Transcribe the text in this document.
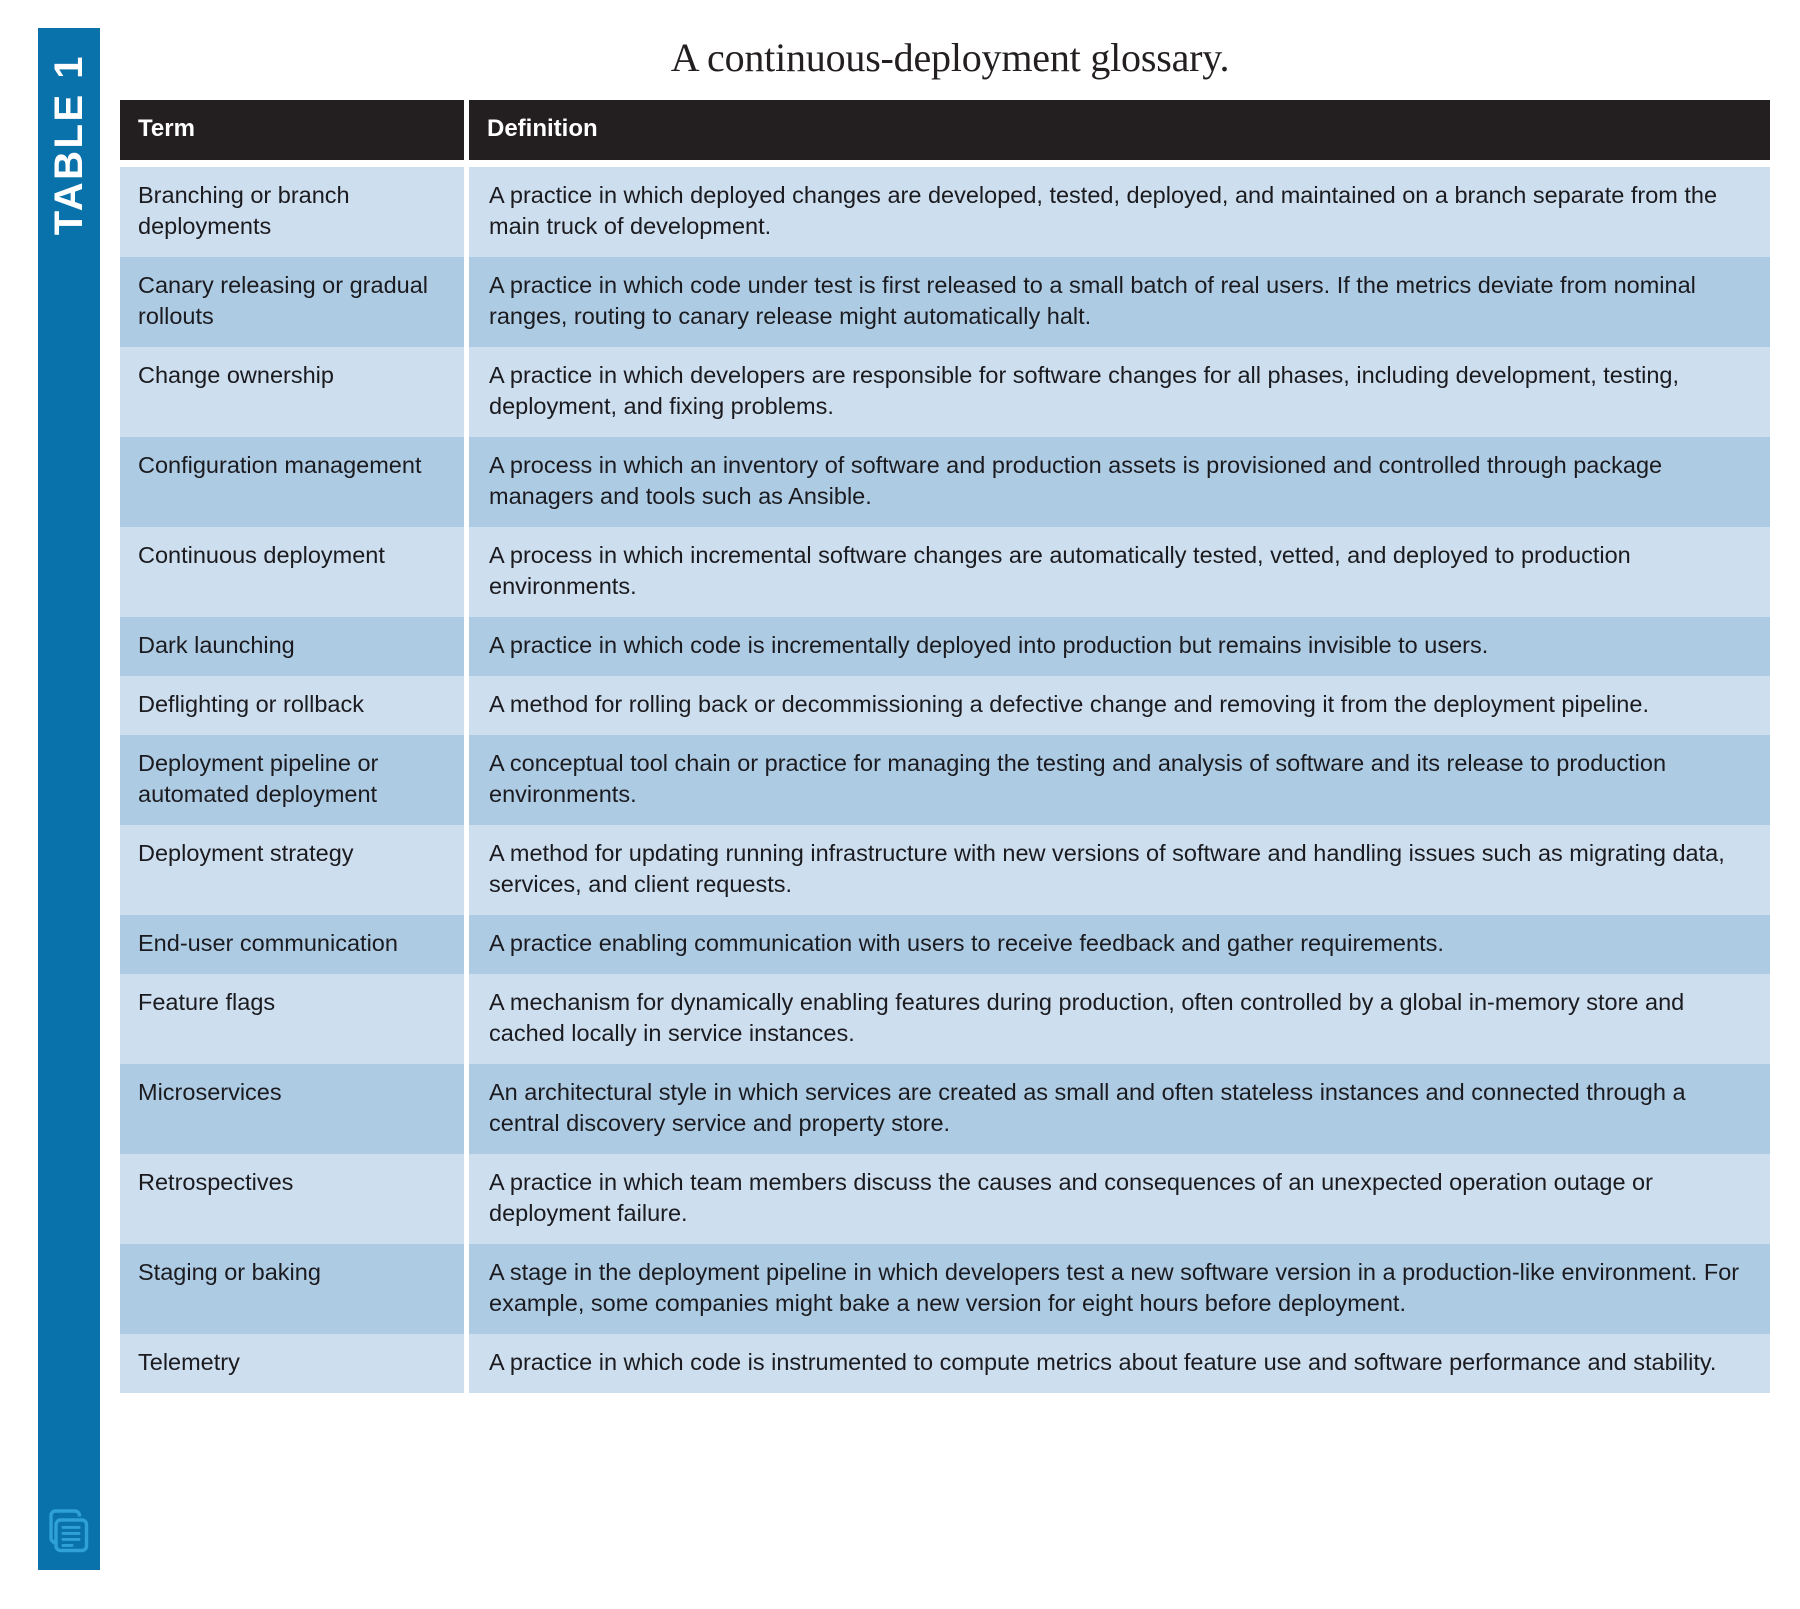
TABLE 1	A continuous-deployment glossary.
Term		Definition

Branching or branch deployments		A practice in which deployed changes are developed, tested, deployed, and maintained on a branch separate from the main truck of development.
Canary releasing or gradual rollouts		A practice in which code under test is first released to a small batch of real users. If the metrics deviate from nominal ranges, routing to canary release might automatically halt.
Change ownership		A practice in which developers are responsible for software changes for all phases, including development, testing, deployment, and fixing problems.
Configuration management		A process in which an inventory of software and production assets is provisioned and controlled through package managers and tools such as Ansible.
Continuous deployment		A process in which incremental software changes are automatically tested, vetted, and deployed to production environments.
Dark launching		A practice in which code is incrementally deployed into production but remains invisible to users.
Deflighting or rollback		A method for rolling back or decommissioning a defective change and removing it from the deployment pipeline.
Deployment pipeline or automated deployment		A conceptual tool chain or practice for managing the testing and analysis of software and its release to production environments.
Deployment strategy		A method for updating running infrastructure with new versions of software and handling issues such as migrating data, services, and client requests.
End-user communication		A practice enabling communication with users to receive feedback and gather requirements.
Feature flags		A mechanism for dynamically enabling features during production, often controlled by a global in-memory store and cached locally in service instances.
Microservices		An architectural style in which services are created as small and often stateless instances and connected through a central discovery service and property store.
Retrospectives		A practice in which team members discuss the causes and consequences of an unexpected operation outage or deployment failure.
Staging or baking		A stage in the deployment pipeline in which developers test a new software version in a production-like environment. For example, some companies might bake a new version for eight hours before deployment.
Telemetry		A practice in which code is instrumented to compute metrics about feature use and software performance and stability.
